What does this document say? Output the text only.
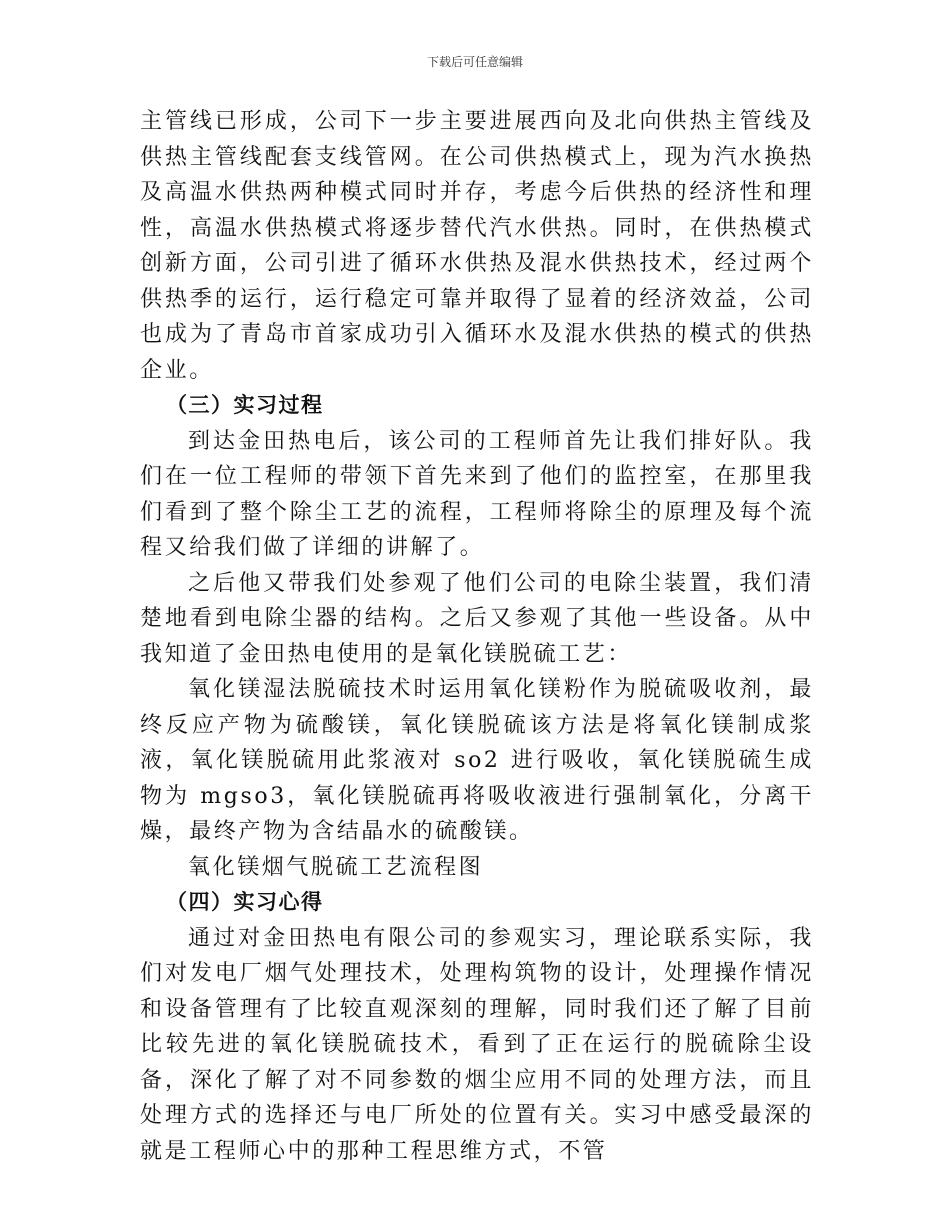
下载后可任意编辑

主管线已形成，公司下一步主要进展西向及北向供热主管线及供热主管线配套支线管网。在公司供热模式上，现为汽水换热及高温水供热两种模式同时并存，考虑今后供热的经济性和理性，高温水供热模式将逐步替代汽水供热。同时，在供热模式创新方面，公司引进了循环水供热及混水供热技术，经过两个供热季的运行，运行稳定可靠并取得了显着的经济效益，公司也成为了青岛市首家成功引入循环水及混水供热的模式的供热企业。

（三）实习过程

到达金田热电后，该公司的工程师首先让我们排好队。我们在一位工程师的带领下首先来到了他们的监控室，在那里我们看到了整个除尘工艺的流程，工程师将除尘的原理及每个流程又给我们做了详细的讲解了。

之后他又带我们处参观了他们公司的电除尘装置，我们清楚地看到电除尘器的结构。之后又参观了其他一些设备。从中我知道了金田热电使用的是氧化镁脱硫工艺：

氧化镁湿法脱硫技术时运用氧化镁粉作为脱硫吸收剂，最终反应产物为硫酸镁，氧化镁脱硫该方法是将氧化镁制成浆液，氧化镁脱硫用此浆液对 so2 进行吸收，氧化镁脱硫生成物为 mgso3，氧化镁脱硫再将吸收液进行强制氧化，分离干燥，最终产物为含结晶水的硫酸镁。

氧化镁烟气脱硫工艺流程图

（四）实习心得

通过对金田热电有限公司的参观实习，理论联系实际，我们对发电厂烟气处理技术，处理构筑物的设计，处理操作情况和设备管理有了比较直观深刻的理解，同时我们还了解了目前比较先进的氧化镁脱硫技术，看到了正在运行的脱硫除尘设备，深化了解了对不同参数的烟尘应用不同的处理方法，而且处理方式的选择还与电厂所处的位置有关。实习中感受最深的就是工程师心中的那种工程思维方式，不管
